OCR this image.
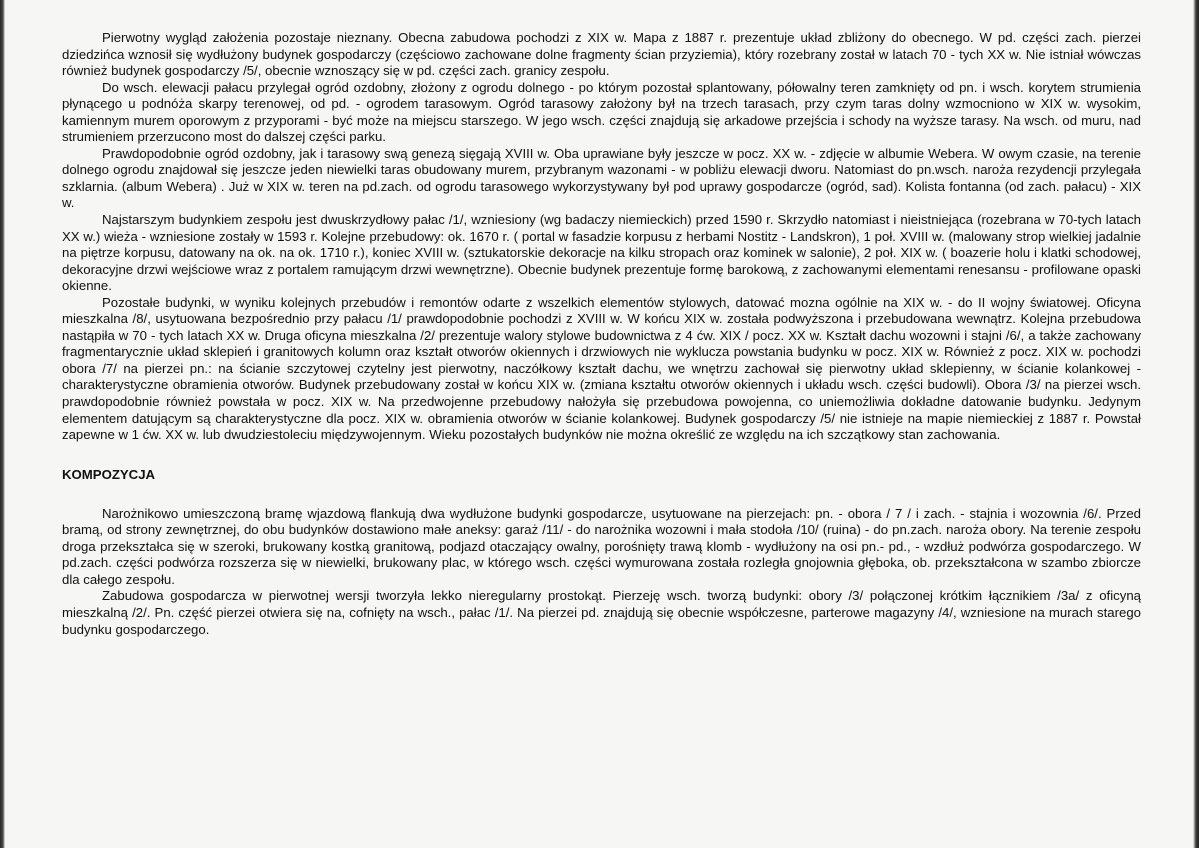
Pierwotny wygląd założenia pozostaje nieznany. Obecna zabudowa pochodzi z XIX w. Mapa z 1887 r. prezentuje układ zbliżony do obecnego. W pd. części zach. pierzei dziedzińca wznosił się wydłużony budynek gospodarczy (częściowo zachowane dolne fragmenty ścian przyziemia), który rozebrany został w latach 70 - tych XX w. Nie istniał wówczas również budynek gospodarczy /5/, obecnie wznoszący się w pd. części zach. granicy zespołu.

Do wsch. elewacji pałacu przylegał ogród ozdobny, złożony z ogrodu dolnego - po którym pozostał splantowany, półowalny teren zamknięty od pn. i wsch. korytem strumienia płynącego u podnóża skarpy terenowej, od pd. - ogrodem tarasowym. Ogród tarasowy założony był na trzech tarasach, przy czym taras dolny wzmocniono w XIX w. wysokim, kamiennym murem oporowym z przyporami - być może na miejscu starszego. W jego wsch. części znajdują się arkadowe przejścia i schody na wyższe tarasy. Na wsch. od muru, nad strumieniem przerzucono most do dalszej części parku.

Prawdopodobnie ogród ozdobny, jak i tarasowy swą genezą sięgają XVIII w. Oba uprawiane były jeszcze w pocz. XX w. - zdjęcie w albumie Webera. W owym czasie, na terenie dolnego ogrodu znajdował się jeszcze jeden niewielki taras obudowany murem, przybranym wazonami - w pobliżu elewacji dworu. Natomiast do pn.wsch. naroża rezydencji przylegała szklarnia. (album Webera) . Już w XIX w. teren na pd.zach. od ogrodu tarasowego wykorzystywany był pod uprawy gospodarcze (ogród, sad). Kolista fontanna (od zach. pałacu) - XIX w.

Najstarszym budynkiem zespołu jest dwuskrzydłowy pałac /1/, wzniesiony (wg badaczy niemieckich) przed 1590 r. Skrzydło natomiast i nieistniejąca (rozebrana w 70-tych latach XX w.) wieża - wzniesione zostały w 1593 r. Kolejne przebudowy: ok. 1670 r. ( portal w fasadzie korpusu z herbami Nostitz - Landskron), 1 poł. XVIII w. (malowany strop wielkiej jadalnie na piętrze korpusu, datowany na ok. na ok. 1710 r.), koniec XVIII w. (sztukatorskie dekoracje na kilku stropach oraz kominek w salonie), 2 poł. XIX w. ( boazerie holu i klatki schodowej, dekoracyjne drzwi wejściowe wraz z portalem ramującym drzwi wewnętrzne). Obecnie budynek prezentuje formę barokową, z zachowanymi elementami renesansu - profilowane opaski okienne.

Pozostałe budynki, w wyniku kolejnych przebudów i remontów odarte z wszelkich elementów stylowych, datować mozna ogólnie na XIX w. - do II wojny światowej. Oficyna mieszkalna /8/, usytuowana bezpośrednio przy pałacu /1/ prawdopodobnie pochodzi z XVIII w. W końcu XIX w. została podwyższona i przebudowana wewnątrz. Kolejna przebudowa nastąpiła w 70 - tych latach XX w. Druga oficyna mieszkalna /2/ prezentuje walory stylowe budownictwa z 4 ćw. XIX / pocz. XX w. Kształt dachu wozowni i stajni /6/, a także zachowany fragmentarycznie układ sklepień i granitowych kolumn oraz kształt otworów okiennych i drzwiowych nie wyklucza powstania budynku w pocz. XIX w. Również z pocz. XIX w. pochodzi obora /7/ na pierzei pn.: na ścianie szczytowej czytelny jest pierwotny, naczółkowy kształt dachu, we wnętrzu zachował się pierwotny układ sklepienny, w ścianie kolankowej - charakterystyczne obramienia otworów. Budynek przebudowany został w końcu XIX w. (zmiana kształtu otworów okiennych i układu wsch. części budowli). Obora /3/ na pierzei wsch. prawdopodobnie również powstała w pocz. XIX w. Na przedwojenne przebudowy nałożyła się przebudowa powojenna, co uniemożliwia dokładne datowanie budynku. Jedynym elementem datującym są charakterystyczne dla pocz. XIX w. obramienia otworów w ścianie kolankowej. Budynek gospodarczy /5/ nie istnieje na mapie niemieckiej z 1887 r. Powstał zapewne w 1 ćw. XX w. lub dwudziestoleciu międzywojennym. Wieku pozostałych budynków nie można określić ze względu na ich szczątkowy stan zachowania.

KOMPOZYCJA

Narożnikowo umieszczoną bramę wjazdową flankują dwa wydłużone budynki gospodarcze, usytuowane na pierzejach: pn. - obora / 7 / i zach. - stajnia i wozownia /6/. Przed bramą, od strony zewnętrznej, do obu budynków dostawiono małe aneksy: garaż /11/ - do narożnika wozowni i mała stodoła /10/ (ruina) - do pn.zach. naroża obory. Na terenie zespołu droga przekształca się w szeroki, brukowany kostką granitową, podjazd otaczający owalny, porośnięty trawą klomb - wydłużony na osi pn.- pd., - wzdłuż podwórza gospodarczego. W pd.zach. części podwórza rozszerza się w niewielki, brukowany plac, w którego wsch. części wymurowana została rozległa gnojownia głęboka, ob. przekształcona w szambo zbiorcze dla całego zespołu.

Zabudowa gospodarcza w pierwotnej wersji tworzyła lekko nieregularny prostokąt. Pierzeję wsch. tworzą budynki: obory /3/ połączonej krótkim łącznikiem /3a/ z oficyną mieszkalną /2/. Pn. część pierzei otwiera się na, cofnięty na wsch., pałac /1/. Na pierzei pd. znajdują się obecnie współczesne, parterowe magazyny /4/, wzniesione na murach starego budynku gospodarczego.
